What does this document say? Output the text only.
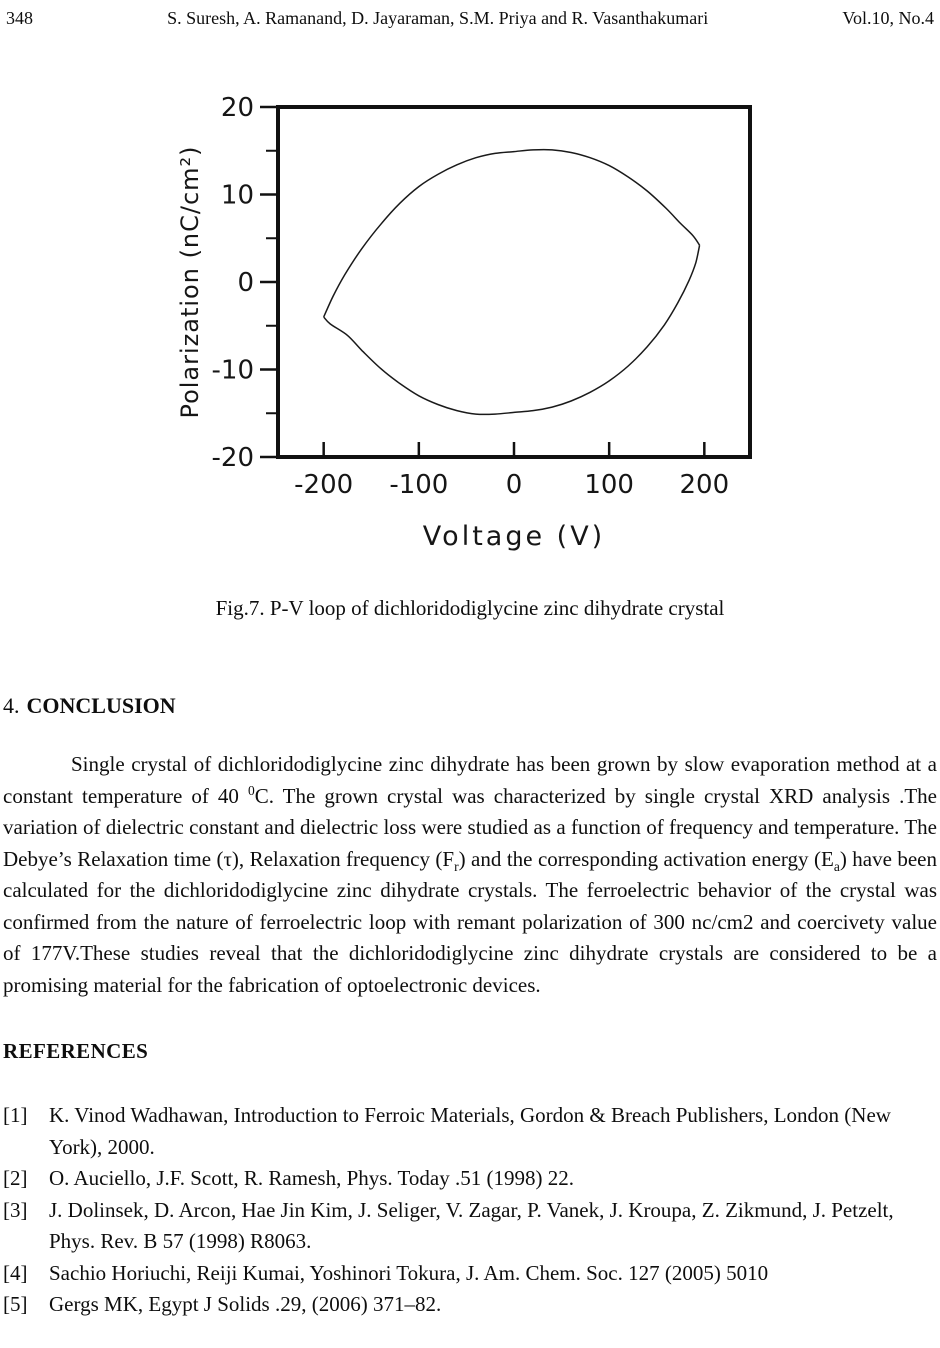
348	S. Suresh, A. Ramanand, D. Jayaraman, S.M. Priya and R. Vasanthakumari	Vol.10, No.4
20
10
0
-10
-20
-200 -100 0 100 200
Voltage (V)
Polarization (nC/cm²)
Fig.7. P-V loop of dichloridodiglycine zinc dihydrate crystal
4. CONCLUSION

Single crystal of dichloridodiglycine zinc dihydrate has been grown by slow evaporation method at a constant temperature of 40 $^0$C. The grown crystal was characterized by single crystal XRD analysis .The variation of dielectric constant and dielectric loss were studied as a function of frequency and temperature. The Debye’s Relaxation time (τ), Relaxation frequency $(F_r)$ and the corresponding activation energy $(E_a)$ have been calculated for the dichloridodiglycine zinc dihydrate crystals. The ferroelectric behavior of the crystal was confirmed from the nature of ferroelectric loop with remant polarization of 300 nc/cm2 and coercivety value of 177V.These studies reveal that the dichloridodiglycine zinc dihydrate crystals are considered to be a promising material for the fabrication of optoelectronic devices.

REFERENCES
[1]	K. Vinod Wadhawan, Introduction to Ferroic Materials, Gordon & Breach Publishers, London (New York), 2000.
[2]	O. Auciello, J.F. Scott, R. Ramesh, Phys. Today .51 (1998) 22.
[3]	J. Dolinsek, D. Arcon, Hae Jin Kim, J. Seliger, V. Zagar, P. Vanek, J. Kroupa, Z. Zikmund, J. Petzelt, Phys. Rev. B 57 (1998) R8063.
[4]	Sachio Horiuchi, Reiji Kumai, Yoshinori Tokura, J. Am. Chem. Soc. 127 (2005) 5010
[5]	Gergs MK, Egypt J Solids .29, (2006) 371–82.
